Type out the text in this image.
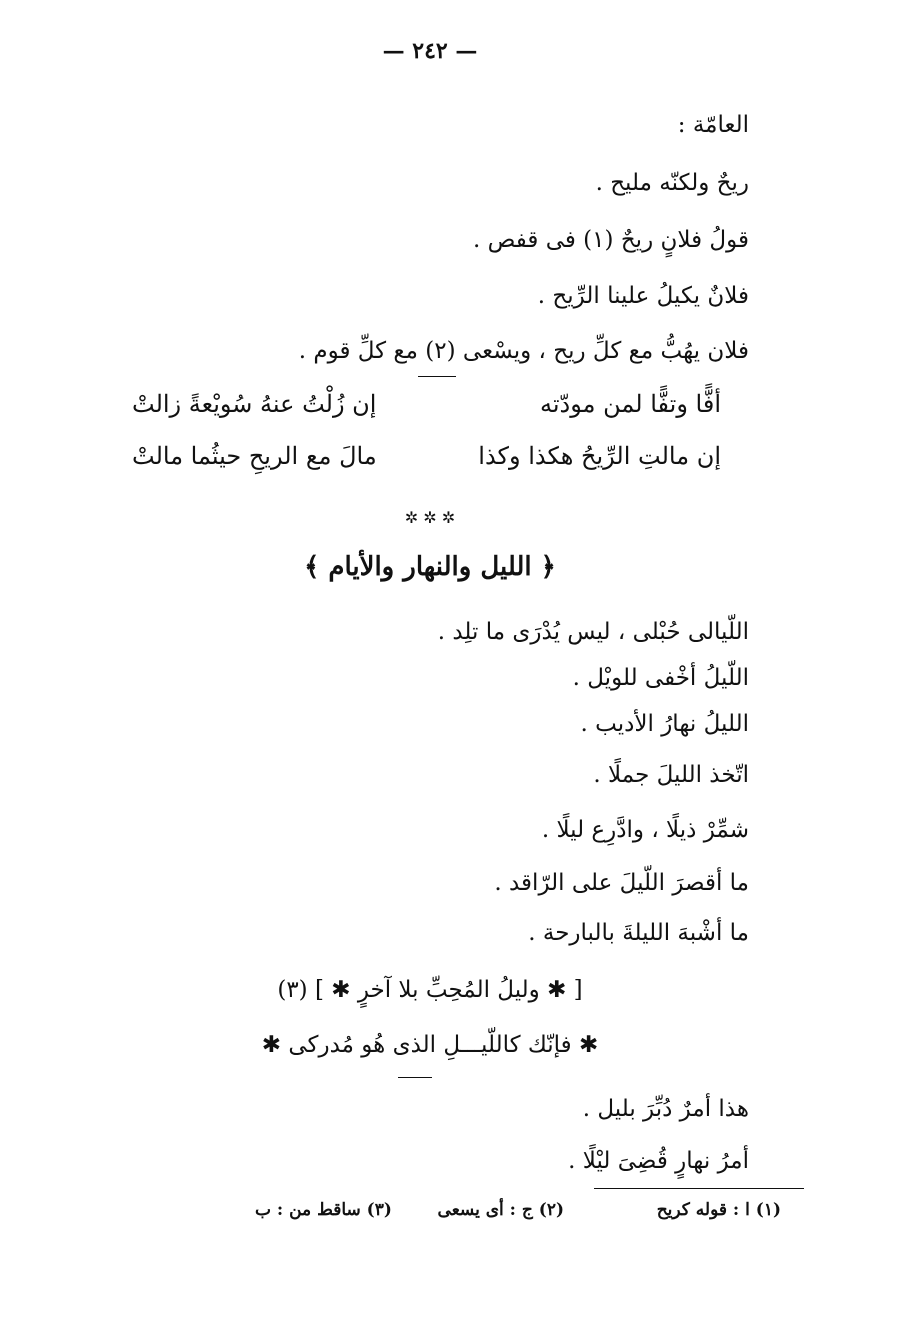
— ٢٤٢ —
العامّة :
ريحٌ ولكنّه مليح .
قولُ فلانٍ ريحٌ (١) فى قفص .
فلانٌ يكيلُ علينا الرِّيح .
فلان يهُبُّ مع كلِّ ريح ، ويسْعى (٢) مع كلِّ قوم .
أفًّا وتفًّا لمن مودّته
إن زُلْتُ عنهُ سُويْعةً زالتْ
إن مالتِ الرِّيحُ هكذا وكذا
مالَ مع الريحِ حيثُما مالتْ
✲ ✲ ✲
﴿ الليل والنهار والأيام ﴾
اللّيالى حُبْلى ، ليس يُدْرَى ما تلِد .
اللّيلُ أخْفى للويْل .
الليلُ نهارُ الأديب .
اتّخذ الليلَ جملًا .
شمِّرْ ذيلًا ، وادَّرِع ليلًا .
ما أقصرَ اللّيلَ على الرّاقد .
ما أشْبهَ الليلةَ بالبارحة .
[ ✱ وليلُ المُحِبِّ بلا آخرٍ ✱ ] (٣)
✱ فإنّك كاللّيـــلِ الذى هُو مُدركى ✱
هذا أمرٌ دُبِّرَ بليل .
أمرُ نهارٍ قُضِىَ ليْلًا .
(١) ا : قوله كريح
(٢) ج : أى يسعى
(٣) ساقط من : ب
